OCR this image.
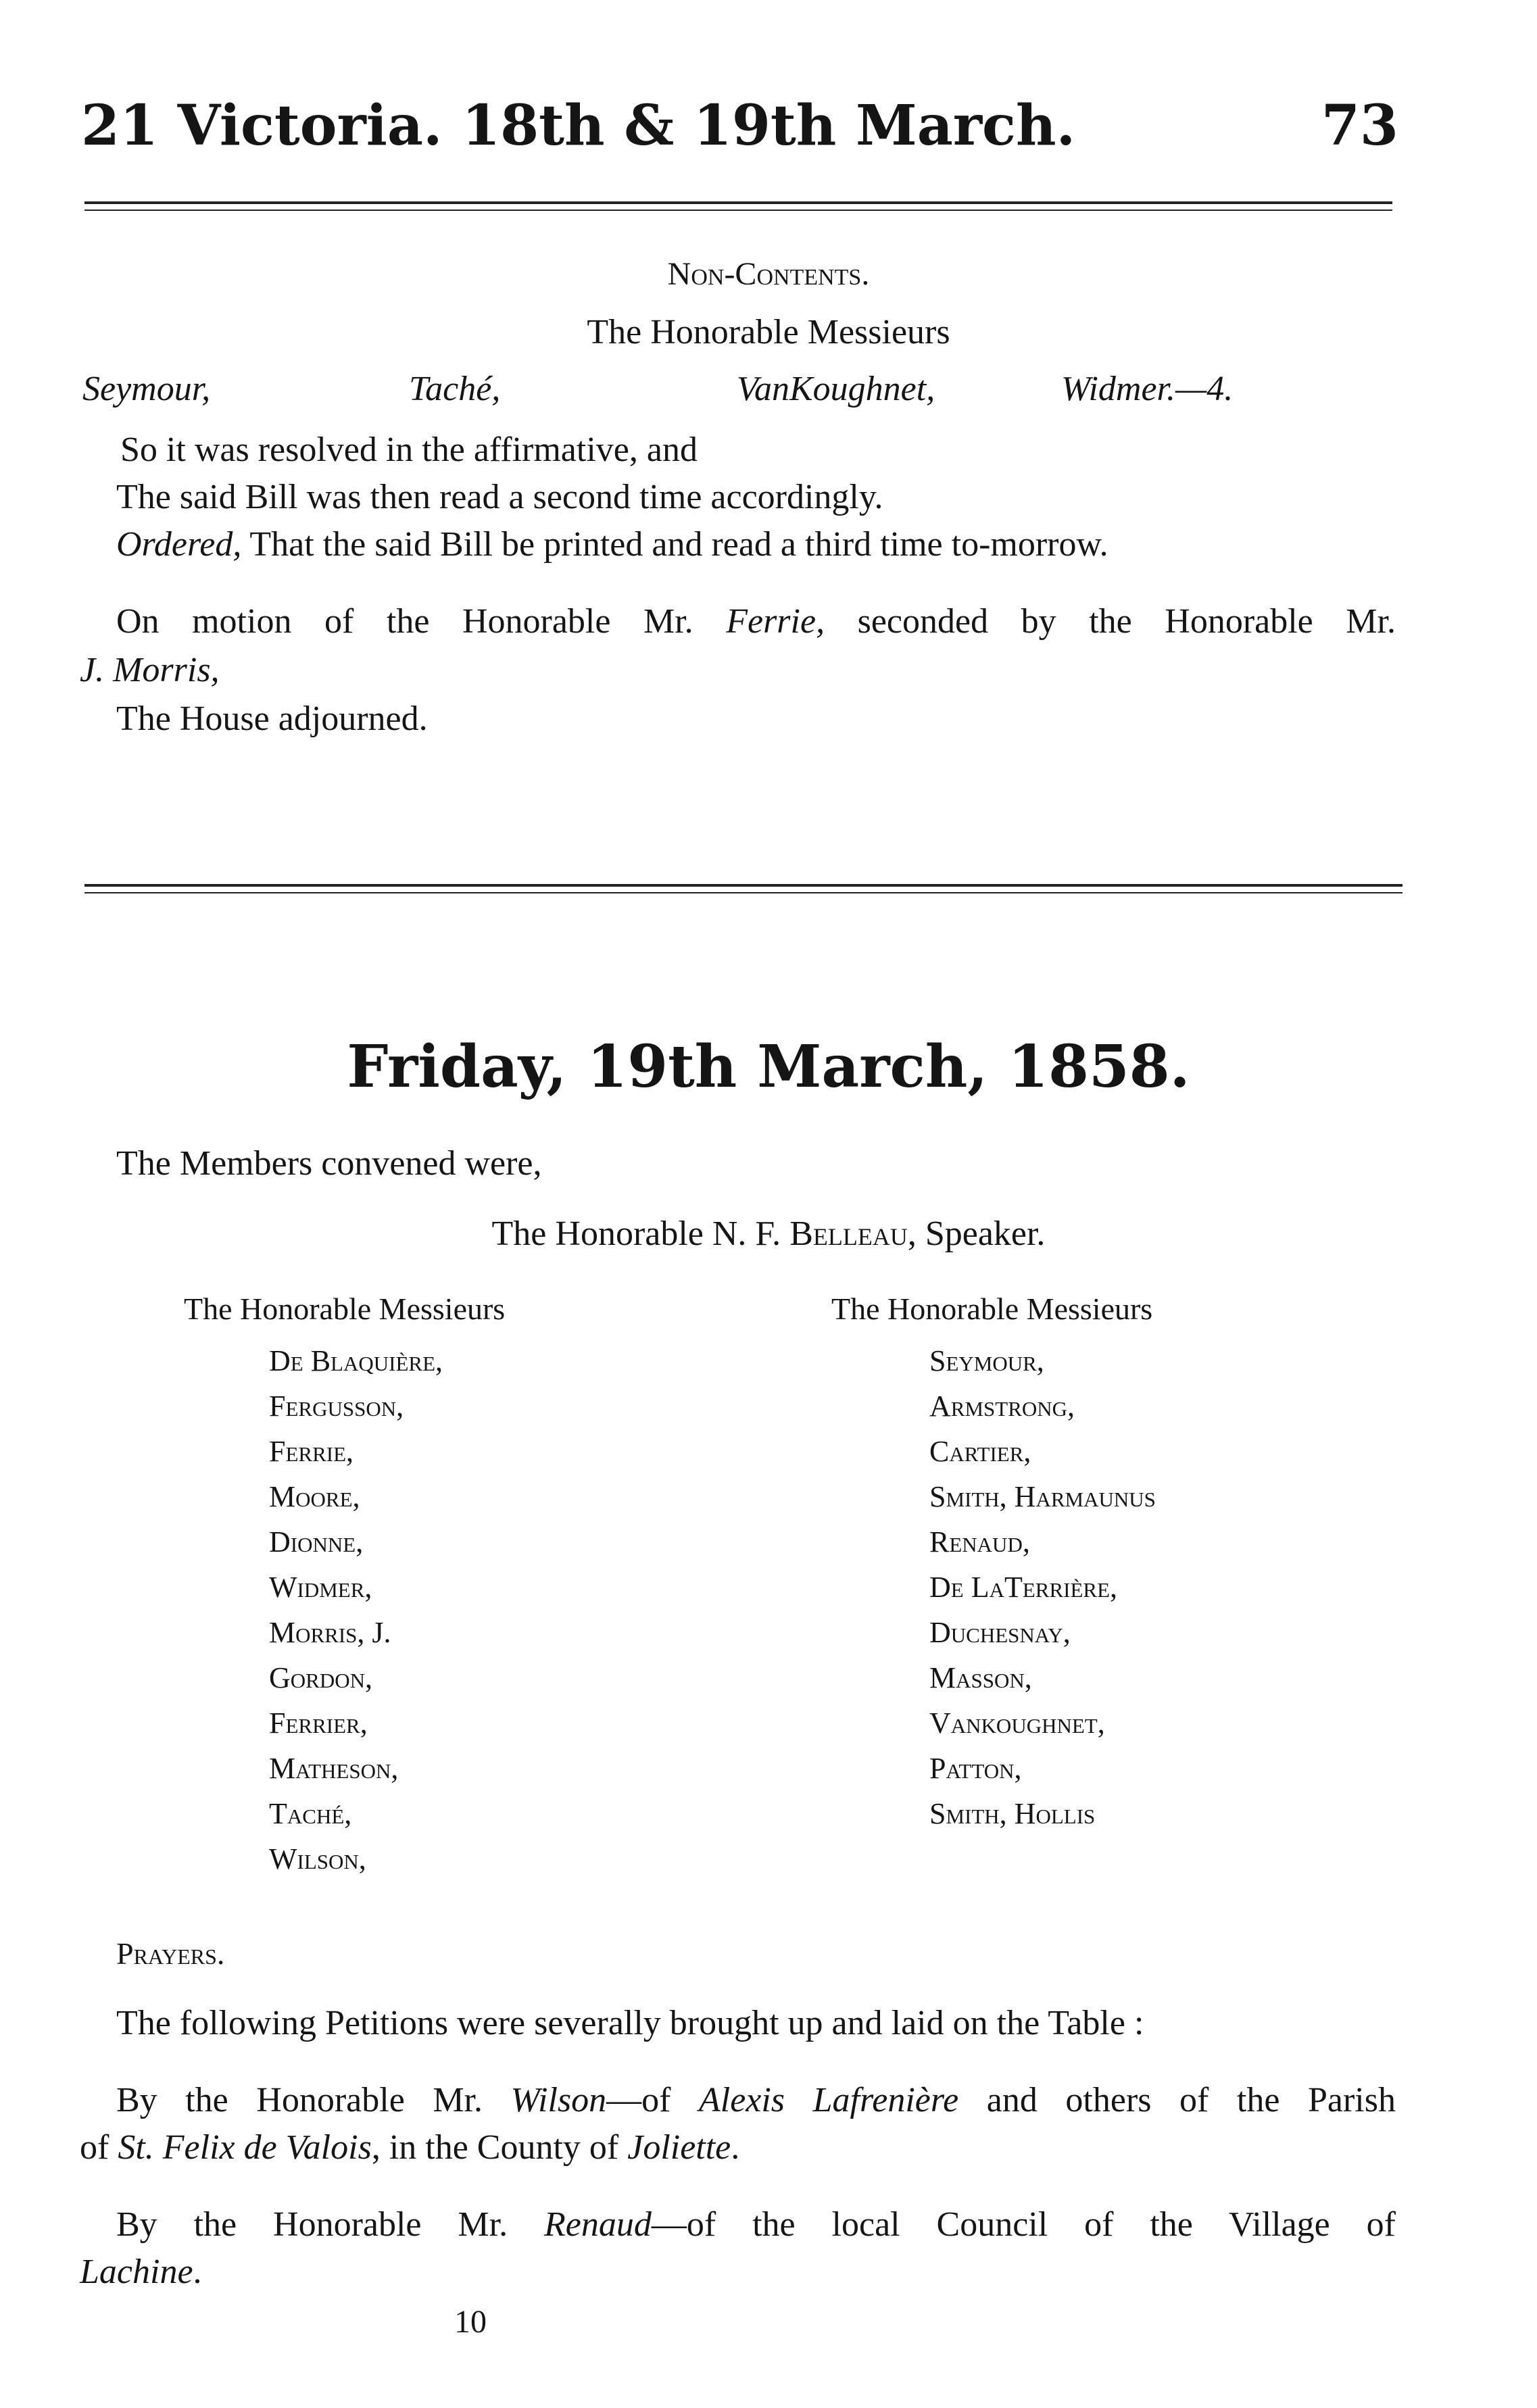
21 Victoria. 18th & 19th March.	73
Non-Contents.
The Honorable Messieurs
Seymour,	Taché,	VanKoughnet,	Widmer.—4.
So it was resolved in the affirmative, and
The said Bill was then read a second time accordingly.
Ordered, That the said Bill be printed and read a third time to-morrow.
On motion of the Honorable Mr. Ferrie, seconded by the Honorable Mr.
J. Morris,
The House adjourned.
Friday, 19th March, 1858.
The Members convened were,
The Honorable N. F. Belleau, Speaker.
The Honorable Messieurs	The Honorable Messieurs
De Blaquière,
Fergusson,
Ferrie,
Moore,
Dionne,
Widmer,
Morris, J.
Gordon,
Ferrier,
Matheson,
Taché,
Wilson,
Seymour,
Armstrong,
Cartier,
Smith, Harmaunus
Renaud,
De LaTerrière,
Duchesnay,
Masson,
Vankoughnet,
Patton,
Smith, Hollis
Prayers.
The following Petitions were severally brought up and laid on the Table :
By the Honorable Mr. Wilson—of Alexis Lafrenière and others of the Parish
of St. Felix de Valois, in the County of Joliette.
By the Honorable Mr. Renaud—of the local Council of the Village of
Lachine.
10
